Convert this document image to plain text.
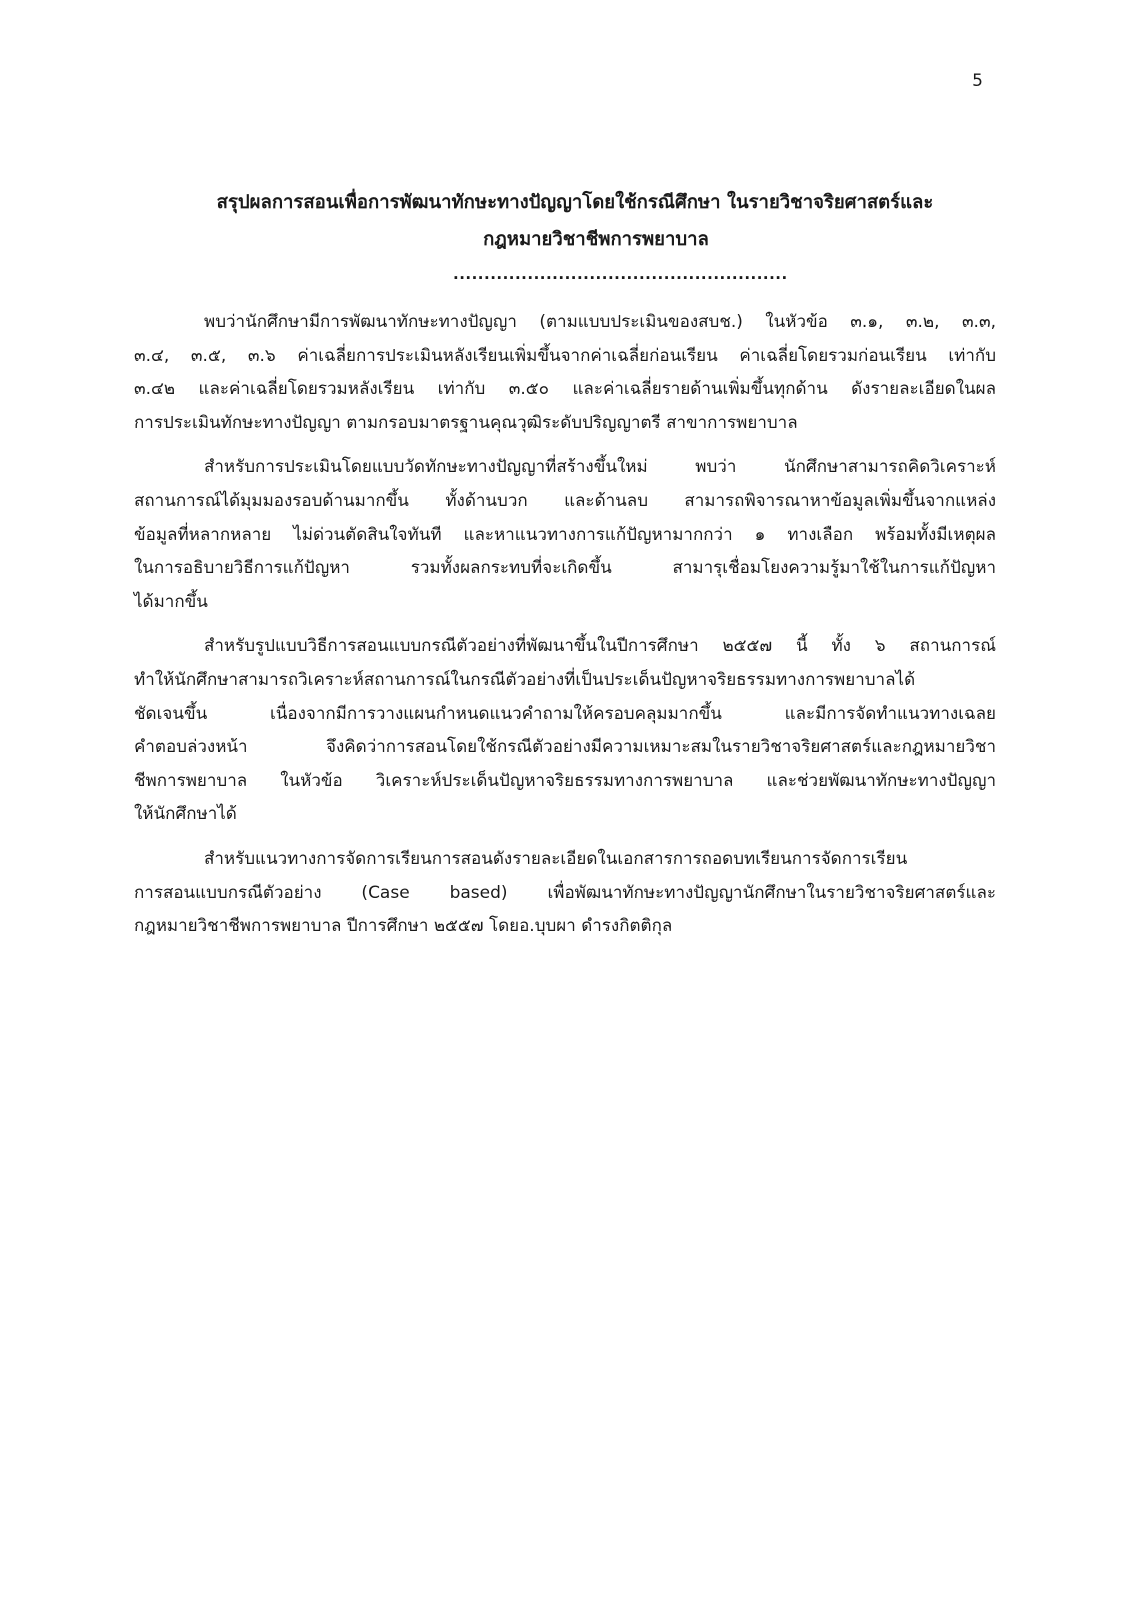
5
สรุปผลการสอนเพื่อการพัฒนาทักษะทางปัญญาโดยใช้กรณีศึกษา ในรายวิชาจริยศาสตร์และ
กฎหมายวิชาชีพการพยาบาล
......................................................
พบว่านักศึกษามีการพัฒนาทักษะทางปัญญา (ตามแบบประเมินของสบช.) ในหัวข้อ ๓.๑, ๓.๒, ๓.๓,
๓.๔, ๓.๕, ๓.๖ ค่าเฉลี่ยการประเมินหลังเรียนเพิ่มขึ้นจากค่าเฉลี่ยก่อนเรียน ค่าเฉลี่ยโดยรวมก่อนเรียน เท่ากับ
๓.๔๒ และค่าเฉลี่ยโดยรวมหลังเรียน เท่ากับ ๓.๕๐ และค่าเฉลี่ยรายด้านเพิ่มขึ้นทุกด้าน ดังรายละเอียดในผล
การประเมินทักษะทางปัญญา ตามกรอบมาตรฐานคุณวุฒิระดับปริญญาตรี สาขาการพยาบาล
สำหรับการประเมินโดยแบบวัดทักษะทางปัญญาที่สร้างขึ้นใหม่ พบว่า นักศึกษาสามารถคิดวิเคราะห์
สถานการณ์ได้มุมมองรอบด้านมากขึ้น ทั้งด้านบวก และด้านลบ สามารถพิจารณาหาข้อมูลเพิ่มขึ้นจากแหล่ง
ข้อมูลที่หลากหลาย ไม่ด่วนตัดสินใจทันที และหาแนวทางการแก้ปัญหามากกว่า ๑ ทางเลือก พร้อมทั้งมีเหตุผล
ในการอธิบายวิธีการแก้ปัญหา รวมทั้งผลกระทบที่จะเกิดขึ้น สามารุเชื่อมโยงความรู้มาใช้ในการแก้ปัญหา
ได้มากขึ้น
สำหรับรูปแบบวิธีการสอนแบบกรณีตัวอย่างที่พัฒนาขึ้นในปีการศึกษา ๒๕๕๗ นี้ ทั้ง ๖ สถานการณ์
ทำให้นักศึกษาสามารถวิเคราะห์สถานการณ์ในกรณีตัวอย่างที่เป็นประเด็นปัญหาจริยธรรมทางการพยาบาลได้
ชัดเจนขึ้น เนื่องจากมีการวางแผนกำหนดแนวคำถามให้ครอบคลุมมากขึ้น และมีการจัดทำแนวทางเฉลย
คำตอบล่วงหน้า จึงคิดว่าการสอนโดยใช้กรณีตัวอย่างมีความเหมาะสมในรายวิชาจริยศาสตร์และกฎหมายวิชา
ชีพการพยาบาล ในหัวข้อ วิเคราะห์ประเด็นปัญหาจริยธรรมทางการพยาบาล และช่วยพัฒนาทักษะทางปัญญา
ให้นักศึกษาได้
สำหรับแนวทางการจัดการเรียนการสอนดังรายละเอียดในเอกสารการถอดบทเรียนการจัดการเรียน
การสอนแบบกรณีตัวอย่าง (Case based) เพื่อพัฒนาทักษะทางปัญญานักศึกษาในรายวิชาจริยศาสตร์และ
กฎหมายวิชาชีพการพยาบาล ปีการศึกษา ๒๕๕๗ โดยอ.บุบผา ดำรงกิตติกุล
